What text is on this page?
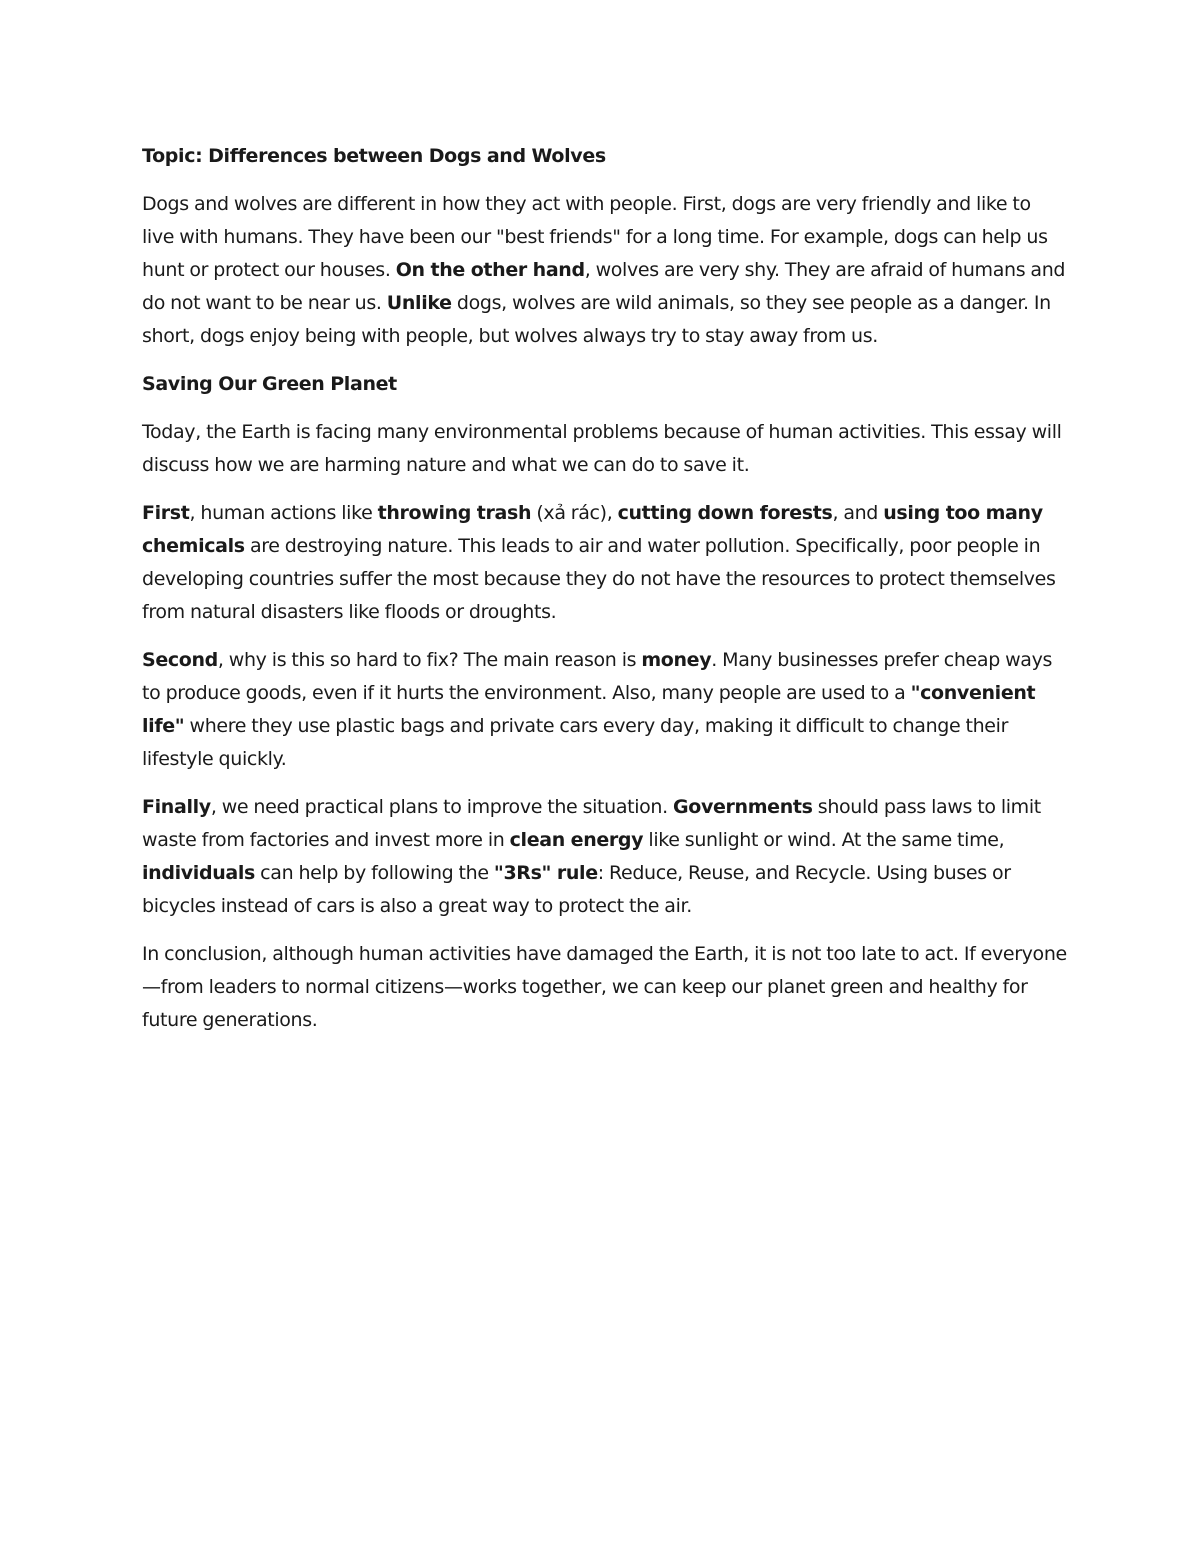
Topic: Differences between Dogs and Wolves
Dogs and wolves are different in how they act with people. First, dogs are very friendly and like to live with humans. They have been our "best friends" for a long time. For example, dogs can help us hunt or protect our houses. On the other hand, wolves are very shy. They are afraid of humans and do not want to be near us. Unlike dogs, wolves are wild animals, so they see people as a danger. In short, dogs enjoy being with people, but wolves always try to stay away from us.
Saving Our Green Planet
Today, the Earth is facing many environmental problems because of human activities. This essay will discuss how we are harming nature and what we can do to save it.
First, human actions like throwing trash (xả rác), cutting down forests, and using too many chemicals are destroying nature. This leads to air and water pollution. Specifically, poor people in developing countries suffer the most because they do not have the resources to protect themselves from natural disasters like floods or droughts.
Second, why is this so hard to fix? The main reason is money. Many businesses prefer cheap ways to produce goods, even if it hurts the environment. Also, many people are used to a "convenient life" where they use plastic bags and private cars every day, making it difficult to change their lifestyle quickly.
Finally, we need practical plans to improve the situation. Governments should pass laws to limit waste from factories and invest more in clean energy like sunlight or wind. At the same time, individuals can help by following the "3Rs" rule: Reduce, Reuse, and Recycle. Using buses or bicycles instead of cars is also a great way to protect the air.
In conclusion, although human activities have damaged the Earth, it is not too late to act. If everyone—from leaders to normal citizens—works together, we can keep our planet green and healthy for future generations.
